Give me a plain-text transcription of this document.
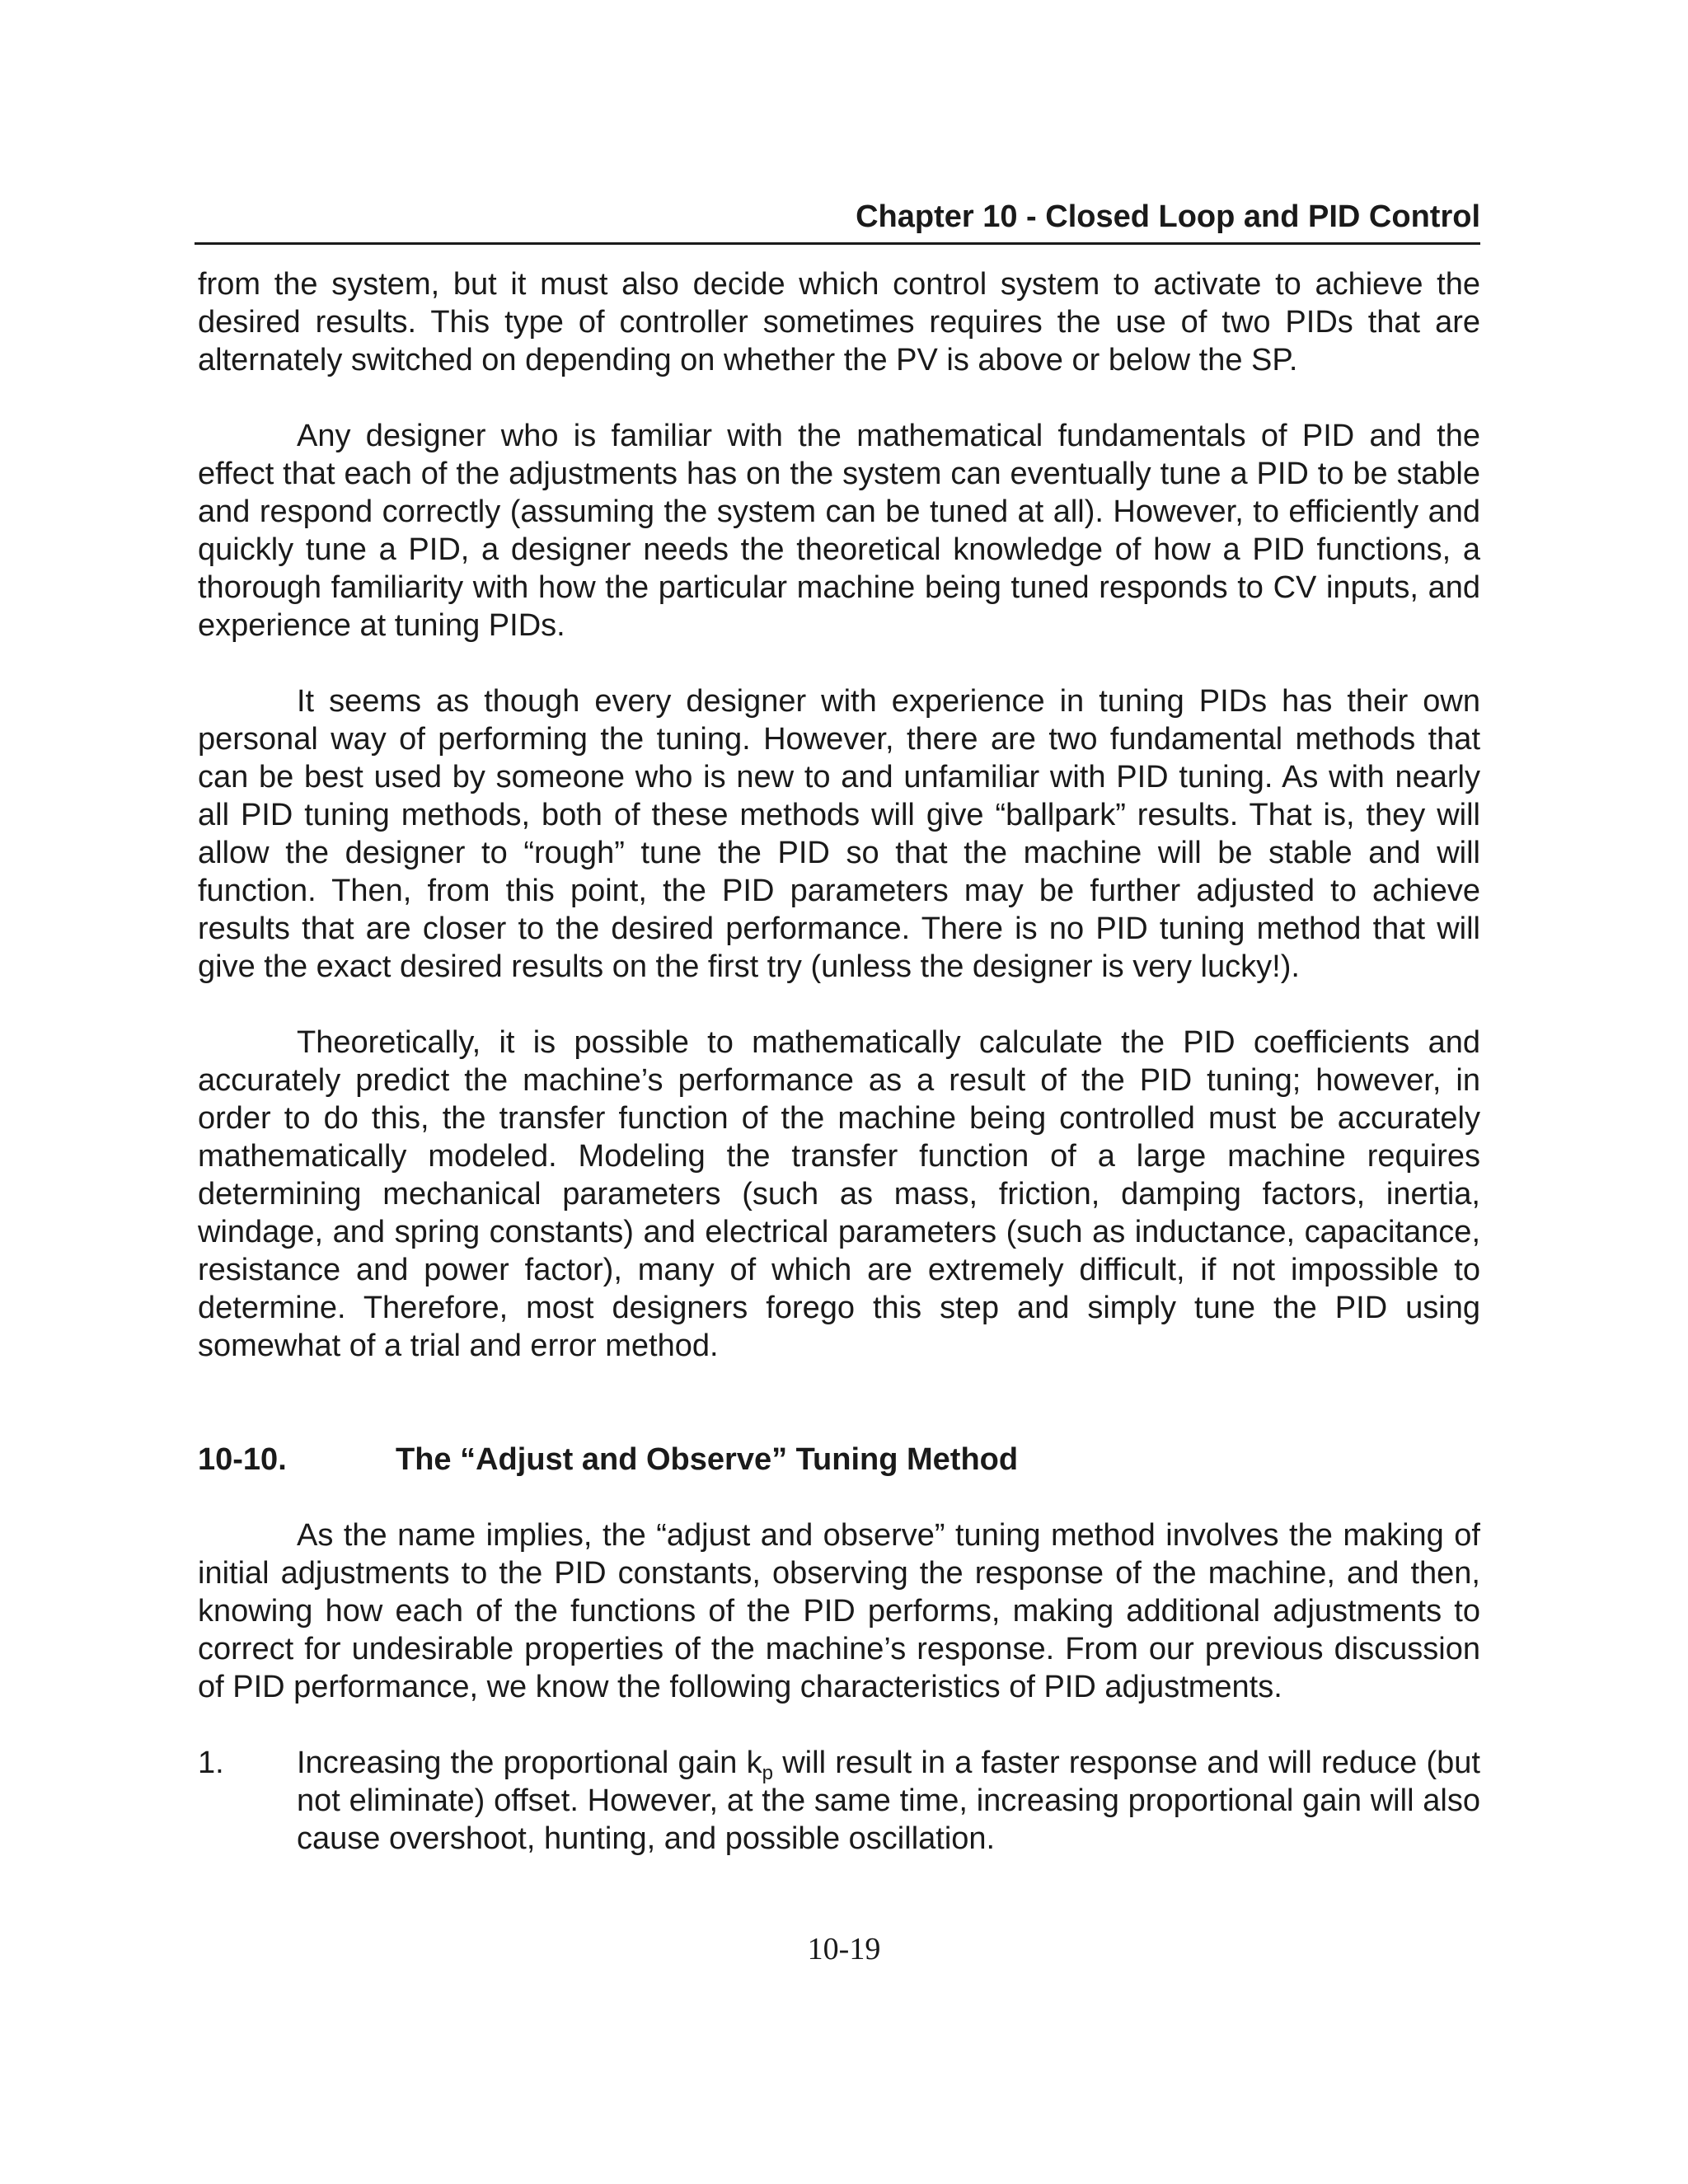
Chapter 10 - Closed Loop and PID Control

from the system, but it must also decide which control system to activate to achieve the desired results. This type of controller sometimes requires the use of two PIDs that are alternately switched on depending on whether the PV is above or below the SP.

Any designer who is familiar with the mathematical fundamentals of PID and the effect that each of the adjustments has on the system can eventually tune a PID to be stable and respond correctly (assuming the system can be tuned at all). However, to efficiently and quickly tune a PID, a designer needs the theoretical knowledge of how a PID functions, a thorough familiarity with how the particular machine being tuned responds to CV inputs, and experience at tuning PIDs.

It seems as though every designer with experience in tuning PIDs has their own personal way of performing the tuning. However, there are two fundamental methods that can be best used by someone who is new to and unfamiliar with PID tuning. As with nearly all PID tuning methods, both of these methods will give “ballpark” results. That is, they will allow the designer to “rough” tune the PID so that the machine will be stable and will function. Then, from this point, the PID parameters may be further adjusted to achieve results that are closer to the desired performance. There is no PID tuning method that will give the exact desired results on the first try (unless the designer is very lucky!).

Theoretically, it is possible to mathematically calculate the PID coefficients and accurately predict the machine’s performance as a result of the PID tuning; however, in order to do this, the transfer function of the machine being controlled must be accurately mathematically modeled. Modeling the transfer function of a large machine requires determining mechanical parameters (such as mass, friction, damping factors, inertia, windage, and spring constants) and electrical parameters (such as inductance, capacitance, resistance and power factor), many of which are extremely difficult, if not impossible to determine. Therefore, most designers forego this step and simply tune the PID using somewhat of a trial and error method.

10-10.	The “Adjust and Observe” Tuning Method

As the name implies, the “adjust and observe” tuning method involves the making of initial adjustments to the PID constants, observing the response of the machine, and then, knowing how each of the functions of the PID performs, making additional adjustments to correct for undesirable properties of the machine’s response. From our previous discussion of PID performance, we know the following characteristics of PID adjustments.

1.	Increasing the proportional gain $k_p$ will result in a faster response and will reduce (but not eliminate) offset. However, at the same time, increasing proportional gain will also cause overshoot, hunting, and possible oscillation.
10-19
